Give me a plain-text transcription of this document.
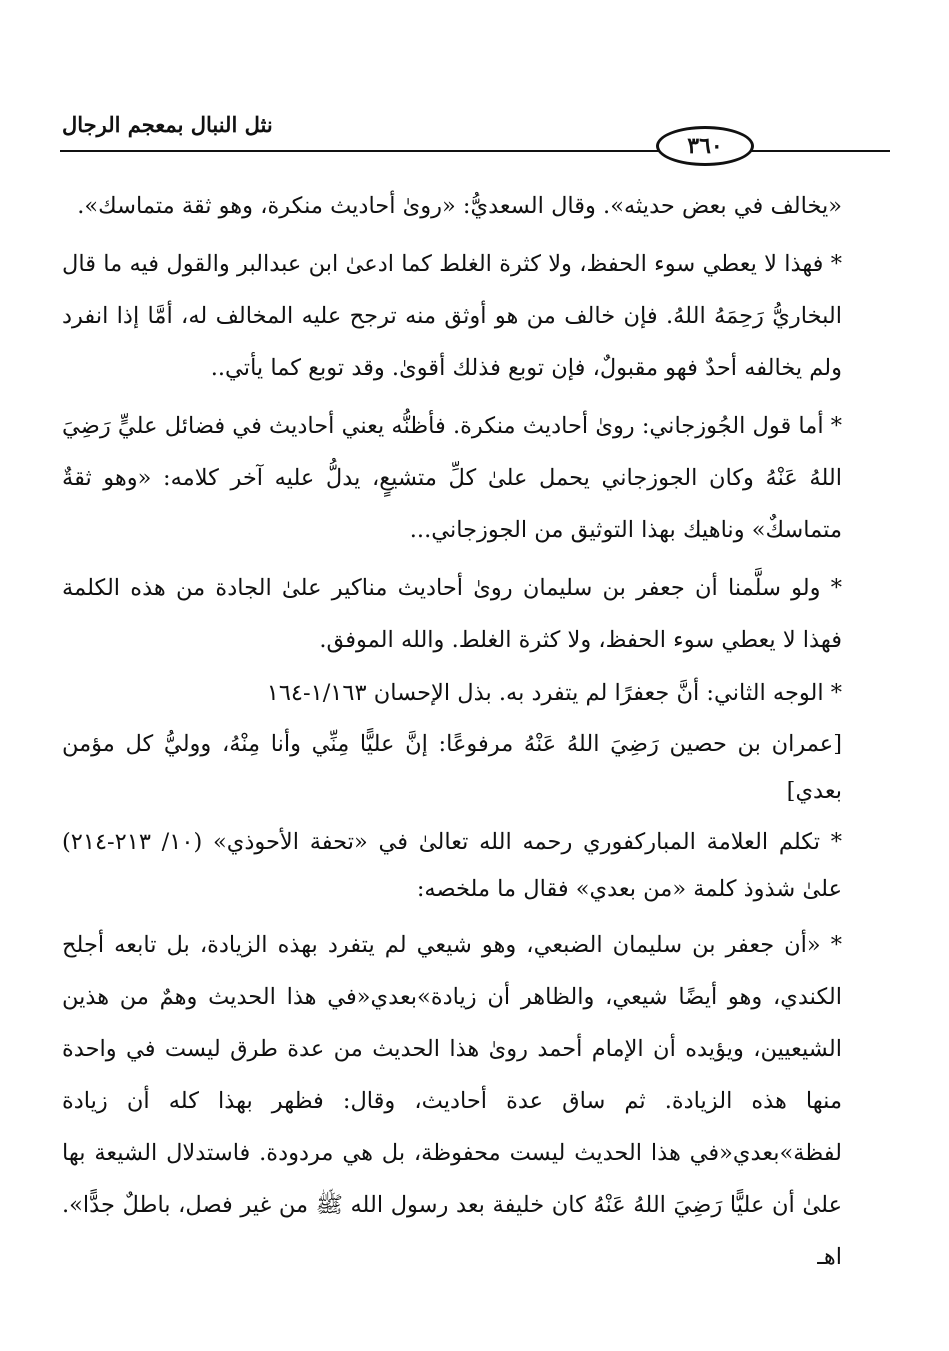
نثل النبال بمعجم الرجال
٣٦٠

«يخالف في بعض حديثه». وقال السعديُّ: «روىٰ أحاديث منكرة، وهو ثقة متماسك».

* فهذا لا يعطي سوء الحفظ، ولا كثرة الغلط كما ادعىٰ ابن عبدالبر والقول فيه ما قال البخاريُّ رَحِمَهُ اللهُ. فإن خالف من هو أوثق منه ترجح عليه المخالف له، أمَّا إذا انفرد ولم يخالفه أحدٌ فهو مقبولٌ، فإن توبع فذلك أقوىٰ. وقد توبع كما يأتي..

* أما قول الجُوزجاني: روىٰ أحاديث منكرة. فأظنُّه يعني أحاديث في فضائل عليٍّ رَضِيَ اللهُ عَنْهُ وكان الجوزجاني يحمل علىٰ كلِّ متشيعٍ، يدلُّ عليه آخر كلامه: «وهو ثقةٌ متماسكٌ» وناهيك بهذا التوثيق من الجوزجاني...

* ولو سلَّمنا أن جعفر بن سليمان روىٰ أحاديث مناكير علىٰ الجادة من هذه الكلمة فهذا لا يعطي سوء الحفظ، ولا كثرة الغلط. والله الموفق.

* الوجه الثاني: أنَّ جعفرًا لم يتفرد به. بذل الإحسان ١/١٦٣-١٦٤

[عمران بن حصين رَضِيَ اللهُ عَنْهُ مرفوعًا: إنَّ عليًّا مِنِّي وأنا مِنْهُ، ووليُّ كل مؤمن بعدي]

* تكلم العلامة المباركفوري رحمه الله تعالىٰ في «تحفة الأحوذي» (١٠/ ٢١٣-٢١٤) علىٰ شذوذ كلمة «من بعدي» فقال ما ملخصه:

* «أن جعفر بن سليمان الضبعي، وهو شيعي لم يتفرد بهذه الزيادة، بل تابعه أجلح الكندي، وهو أيضًا شيعي، والظاهر أن زيادة»بعدي«في هذا الحديث وهمٌ من هذين الشيعيين، ويؤيده أن الإمام أحمد روىٰ هذا الحديث من عدة طرق ليست في واحدة منها هذه الزيادة. ثم ساق عدة أحاديث، وقال: فظهر بهذا كله أن زيادة لفظة»بعدي«في هذا الحديث ليست محفوظة، بل هي مردودة. فاستدلال الشيعة بها علىٰ أن عليًّا رَضِيَ اللهُ عَنْهُ كان خليفة بعد رسول الله ﷺ من غير فصل، باطلٌ جدًّا». اهـ
